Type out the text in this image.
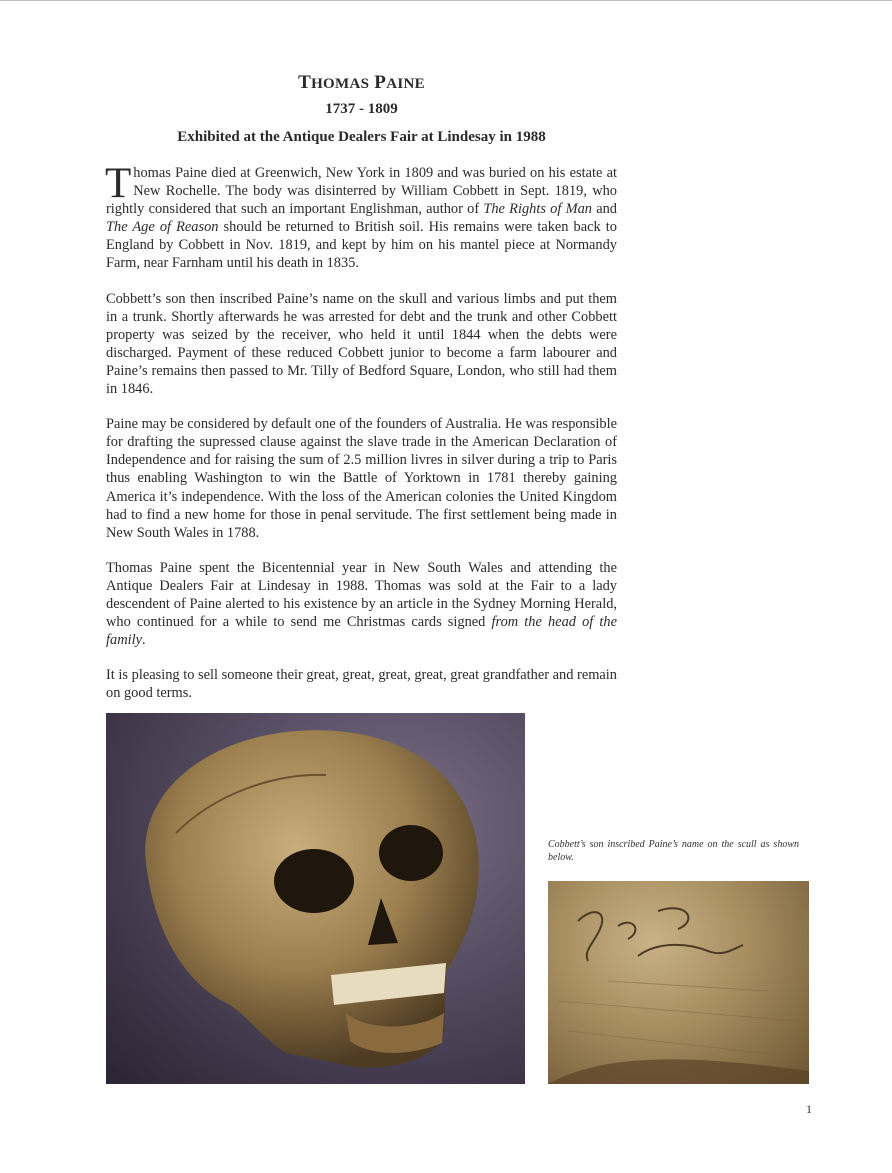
THOMAS PAINE
1737 - 1809
Exhibited at the Antique Dealers Fair at Lindesay in 1988

Thomas Paine died at Greenwich, New York in 1809 and was buried on his estate at New Rochelle. The body was disinterred by William Cobbett in Sept. 1819, who rightly considered that such an important Englishman, author of The Rights of Man and The Age of Reason should be returned to British soil. His remains were taken back to England by Cobbett in Nov. 1819, and kept by him on his mantel piece at Normandy Farm, near Farnham until his death in 1835.

Cobbett’s son then inscribed Paine’s name on the skull and various limbs and put them in a trunk. Shortly afterwards he was arrested for debt and the trunk and other Cobbett property was seized by the receiver, who held it until 1844 when the debts were discharged. Payment of these reduced Cobbett junior to become a farm labourer and Paine’s remains then passed to Mr. Tilly of Bedford Square, London, who still had them in 1846.

Paine may be considered by default one of the founders of Australia. He was responsible for drafting the supressed clause against the slave trade in the American Declaration of Independence and for raising the sum of 2.5 million livres in silver during a trip to Paris thus enabling Washington to win the Battle of Yorktown in 1781 thereby gaining America it’s independence. With the loss of the American colonies the United Kingdom had to find a new home for those in penal servitude. The first settlement being made in New South Wales in 1788.

Thomas Paine spent the Bicentennial year in New South Wales and attending the Antique Dealers Fair at Lindesay in 1988. Thomas was sold at the Fair to a lady descendent of Paine alerted to his existence by an article in the Sydney Morning Herald, who continued for a while to send me Christmas cards signed from the head of the family.

It is pleasing to sell someone their great, great, great, great, great grandfather and remain on good terms.

Cobbett’s son inscribed Paine’s name on the scull as shown below.
1
